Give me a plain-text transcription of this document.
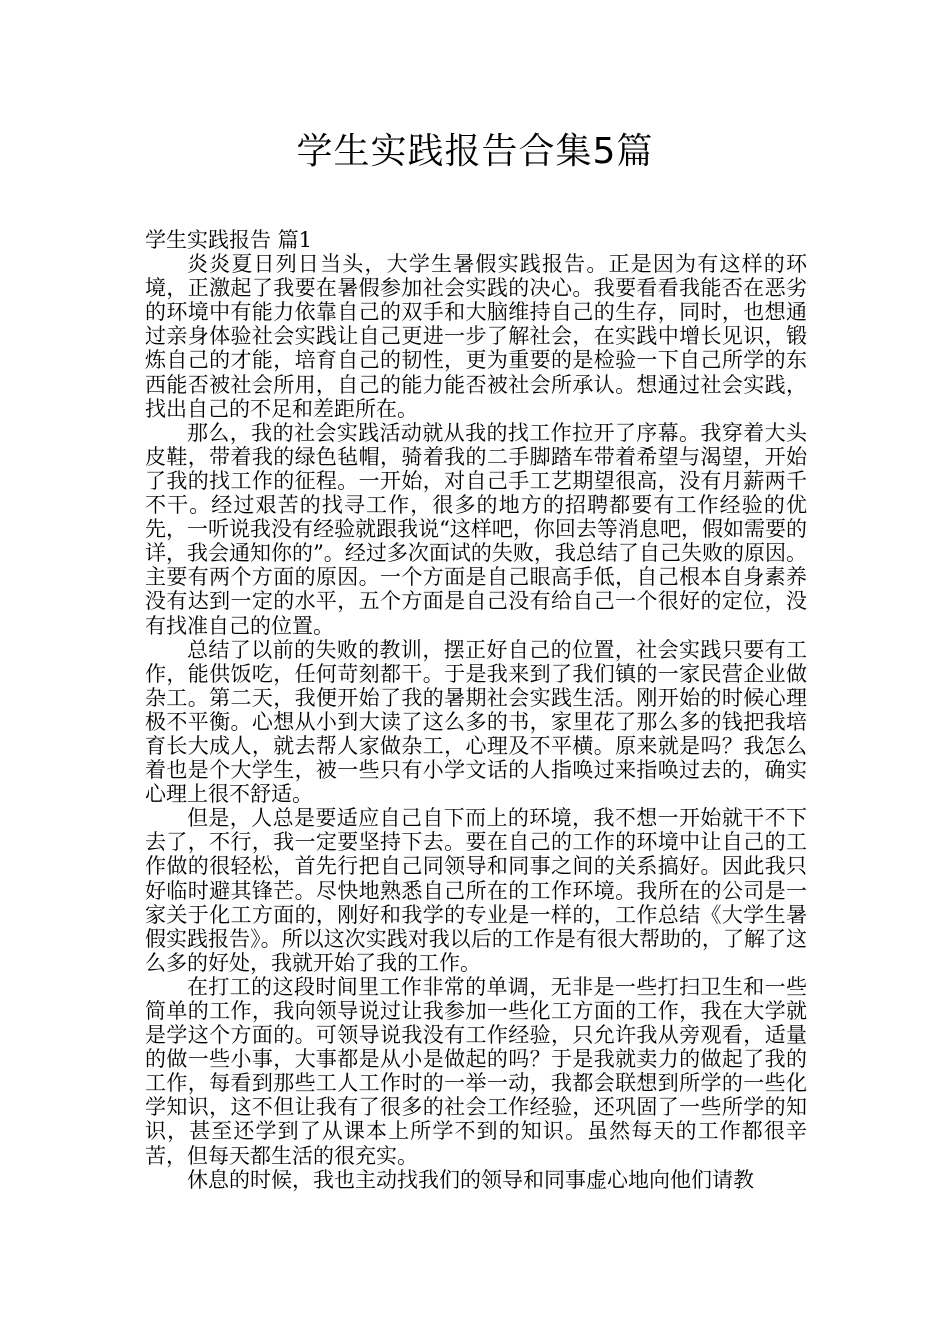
学生实践报告合集5篇

学生实践报告 篇1

炎炎夏日列日当头，大学生暑假实践报告。正是因为有这样的环境，正激起了我要在暑假参加社会实践的决心。我要看看我能否在恶劣的环境中有能力依靠自己的双手和大脑维持自己的生存，同时，也想通过亲身体验社会实践让自己更进一步了解社会，在实践中增长见识，锻炼自己的才能，培育自己的韧性，更为重要的是检验一下自己所学的东西能否被社会所用，自己的能力能否被社会所承认。想通过社会实践，找出自己的不足和差距所在。

那么，我的社会实践活动就从我的找工作拉开了序幕。我穿着大头皮鞋，带着我的绿色毡帽，骑着我的二手脚踏车带着希望与渴望，开始了我的找工作的征程。一开始，对自己手工艺期望很高，没有月薪两千不干。经过艰苦的找寻工作，很多的地方的招聘都要有工作经验的优先，一听说我没有经验就跟我说“这样吧，你回去等消息吧，假如需要的详，我会通知你的”。经过多次面试的失败，我总结了自己失败的原因。主要有两个方面的原因。一个方面是自己眼高手低，自己根本自身素养没有达到一定的水平，五个方面是自己没有给自己一个很好的定位，没有找准自己的位置。

总结了以前的失败的教训，摆正好自己的位置，社会实践只要有工作，能供饭吃，任何苛刻都干。于是我来到了我们镇的一家民营企业做杂工。第二天，我便开始了我的暑期社会实践生活。刚开始的时候心理极不平衡。心想从小到大读了这么多的书，家里花了那么多的钱把我培育长大成人，就去帮人家做杂工，心理及不平横。原来就是吗？我怎么着也是个大学生，被一些只有小学文话的人指唤过来指唤过去的，确实心理上很不舒适。

但是，人总是要适应自己自下而上的环境，我不想一开始就干不下去了，不行，我一定要坚持下去。要在自己的工作的环境中让自己的工作做的很轻松，首先行把自己同领导和同事之间的关系搞好。因此我只好临时避其锋芒。尽快地熟悉自己所在的工作环境。我所在的公司是一家关于化工方面的，刚好和我学的专业是一样的，工作总结《大学生暑假实践报告》。所以这次实践对我以后的工作是有很大帮助的，了解了这么多的好处，我就开始了我的工作。

在打工的这段时间里工作非常的单调，无非是一些打扫卫生和一些简单的工作，我向领导说过让我参加一些化工方面的工作，我在大学就是学这个方面的。可领导说我没有工作经验，只允许我从旁观看，适量的做一些小事，大事都是从小是做起的吗？于是我就卖力的做起了我的工作，每看到那些工人工作时的一举一动，我都会联想到所学的一些化学知识，这不但让我有了很多的社会工作经验，还巩固了一些所学的知识，甚至还学到了从课本上所学不到的知识。虽然每天的工作都很辛苦，但每天都生活的很充实。

休息的时候，我也主动找我们的领导和同事虚心地向他们请教
